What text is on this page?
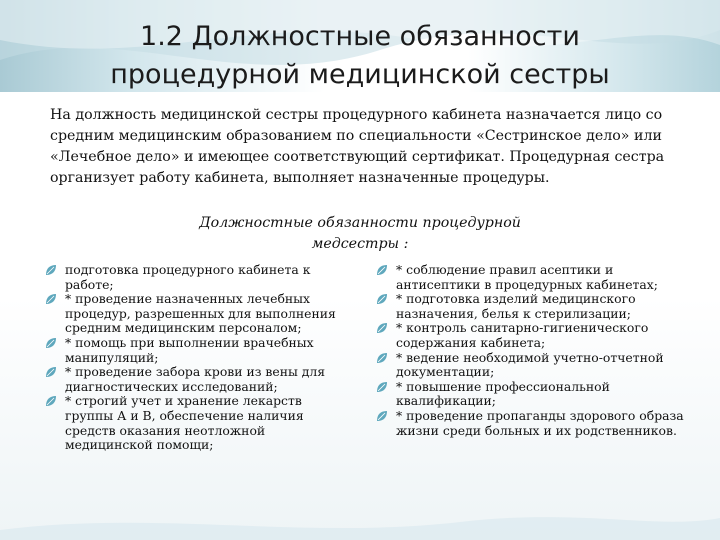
1.2 Должностные обязанности
процедурной медицинской сестры
На должность медицинской сестры процедурного кабинета назначается лицо со средним медицинским образованием по специальности «Сестринское дело» или «Лечебное дело» и имеющее соответствующий сертификат. Процедурная сестра организует работу кабинета, выполняет назначенные процедуры.
Должностные обязанности процедурной
медсестры :
подготовка процедурного кабинета к работе;
* проведение назначенных лечебных процедур, разрешенных для выполнения средним медицинским персоналом;
* помощь при выполнении врачебных манипуляций;
* проведение забора крови из вены для диагностических исследований;
* строгий учет и хранение лекарств группы А и В, обеспечение наличия средств оказания неотложной медицинской помощи;
* соблюдение правил асептики и антисептики в процедурных кабинетах;
* подготовка изделий медицинского назначения, белья к стерилизации;
* контроль санитарно-гигиенического содержания кабинета;
* ведение необходимой учетно-отчетной документации;
* повышение профессиональной квалификации;
* проведение пропаганды здорового образа жизни среди больных и их родственников.
